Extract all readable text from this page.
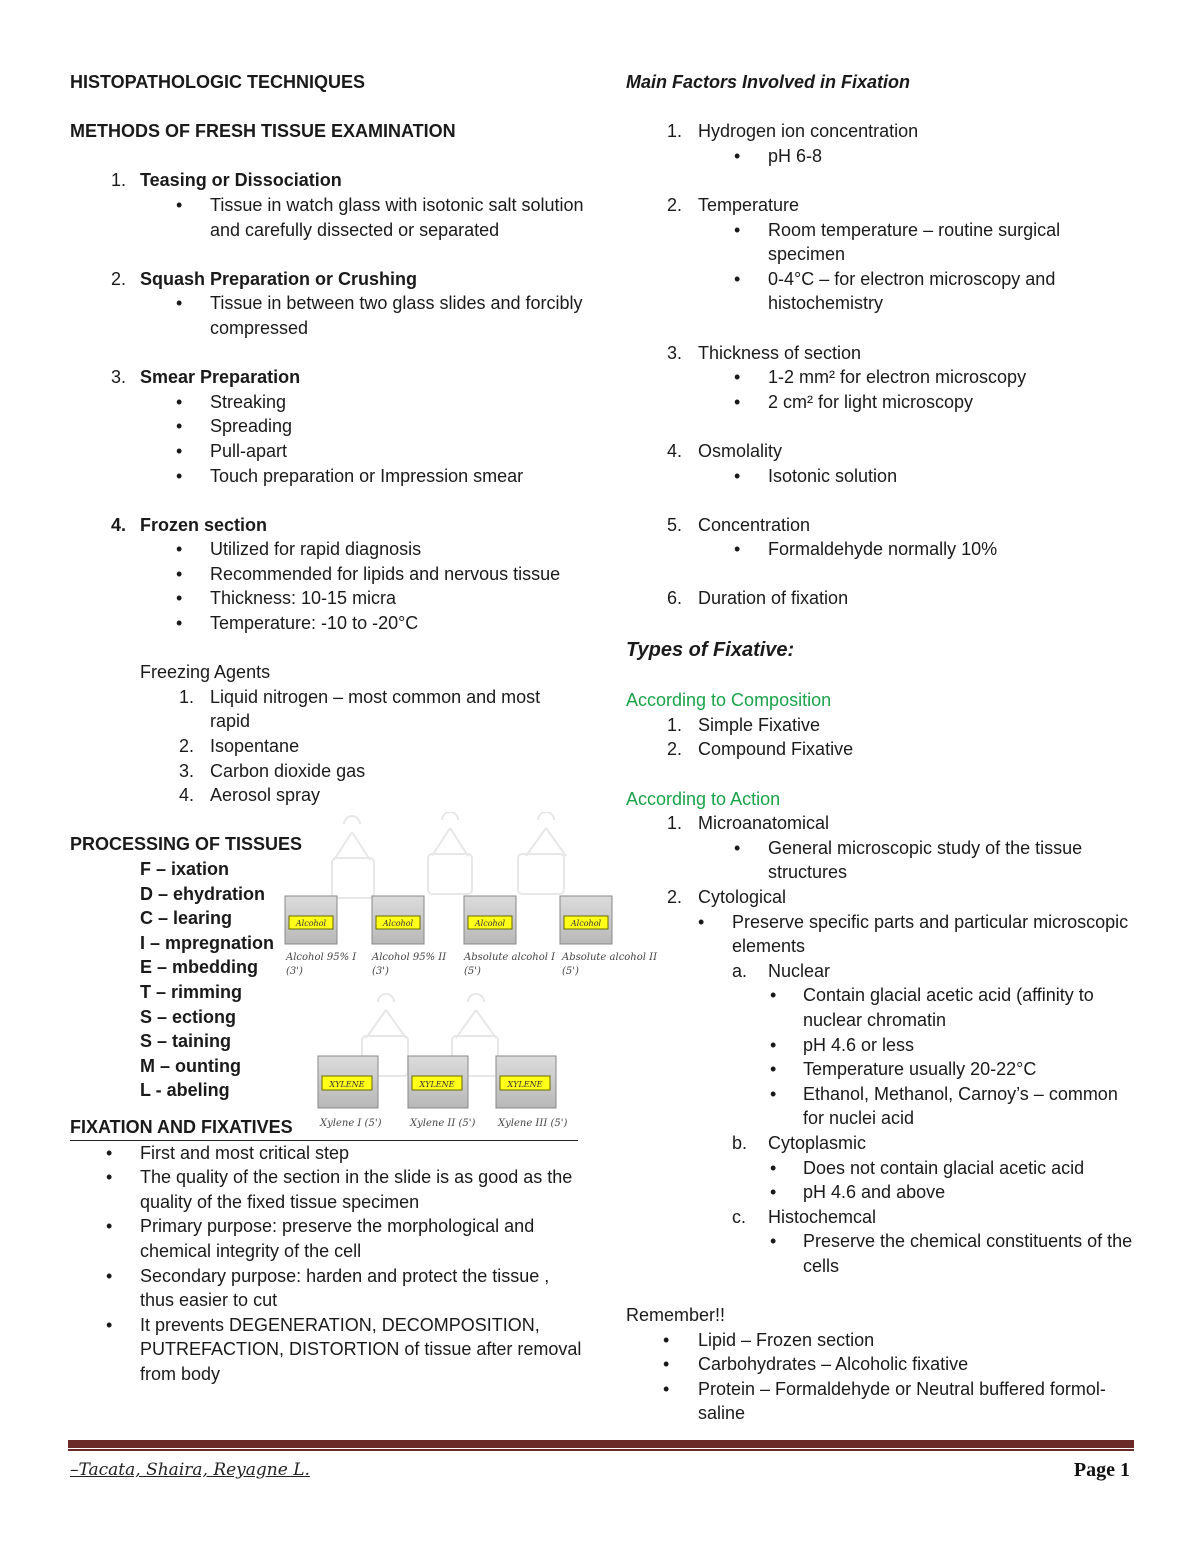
HISTOPATHOLOGIC TECHNIQUES
METHODS OF FRESH TISSUE EXAMINATION
1. Teasing or Dissociation
• Tissue in watch glass with isotonic salt solution and carefully dissected or separated
2. Squash Preparation or Crushing
• Tissue in between two glass slides and forcibly compressed
3. Smear Preparation
• Streaking
• Spreading
• Pull-apart
• Touch preparation or Impression smear
4. Frozen section
• Utilized for rapid diagnosis
• Recommended for lipids and nervous tissue
• Thickness: 10-15 micra
• Temperature: -10 to -20°C
Freezing Agents
1. Liquid nitrogen – most common and most rapid
2. Isopentane
3. Carbon dioxide gas
4. Aerosol spray
PROCESSING OF TISSUES
F – ixation
D – ehydration
C – learing
I – mpregnation
E – mbedding
T – rimming
S – ectiong
S – taining
M – ounting
L - abeling
FIXATION AND FIXATIVES
• First and most critical step
• The quality of the section in the slide is as good as the quality of the fixed tissue specimen
• Primary purpose: preserve the morphological and chemical integrity of the cell
• Secondary purpose: harden and protect the tissue , thus easier to cut
• It prevents DEGENERATION, DECOMPOSITION, PUTREFACTION, DISTORTION of tissue after removal from body
Alcohol	Alcohol	Alcohol	Alcohol
Alcohol 95% I
(3')
Alcohol 95% II
(3')
Absolute alcohol I
(5')
Absolute alcohol II
(5')
XYLENE	XYLENE	XYLENE
Xylene I (5')	Xylene II (5') Xylene III (5')
Main Factors Involved in Fixation
1. Hydrogen ion concentration
• pH 6-8
2. Temperature
• Room temperature – routine surgical specimen
• 0-4°C – for electron microscopy and histochemistry
3. Thickness of section
• 1-2 mm² for electron microscopy
• 2 cm² for light microscopy
4. Osmolality
• Isotonic solution
5. Concentration
• Formaldehyde normally 10%
6. Duration of fixation
Types of Fixative:
According to Composition
1. Simple Fixative
2. Compound Fixative
According to Action
1. Microanatomical
• General microscopic study of the tissue structures
2. Cytological
• Preserve specific parts and particular microscopic elements
a. Nuclear
• Contain glacial acetic acid (affinity to nuclear chromatin
• pH 4.6 or less
• Temperature usually 20-22°C
• Ethanol, Methanol, Carnoy’s – common for nuclei acid
b. Cytoplasmic
• Does not contain glacial acetic acid
• pH 4.6 and above
c. Histochemcal
• Preserve the chemical constituents of the cells
Remember!!
• Lipid – Frozen section
• Carbohydrates – Alcoholic fixative
• Protein – Formaldehyde or Neutral buffered formol-saline
–Tacata, Shaira, Reyagne L.	Page 1
